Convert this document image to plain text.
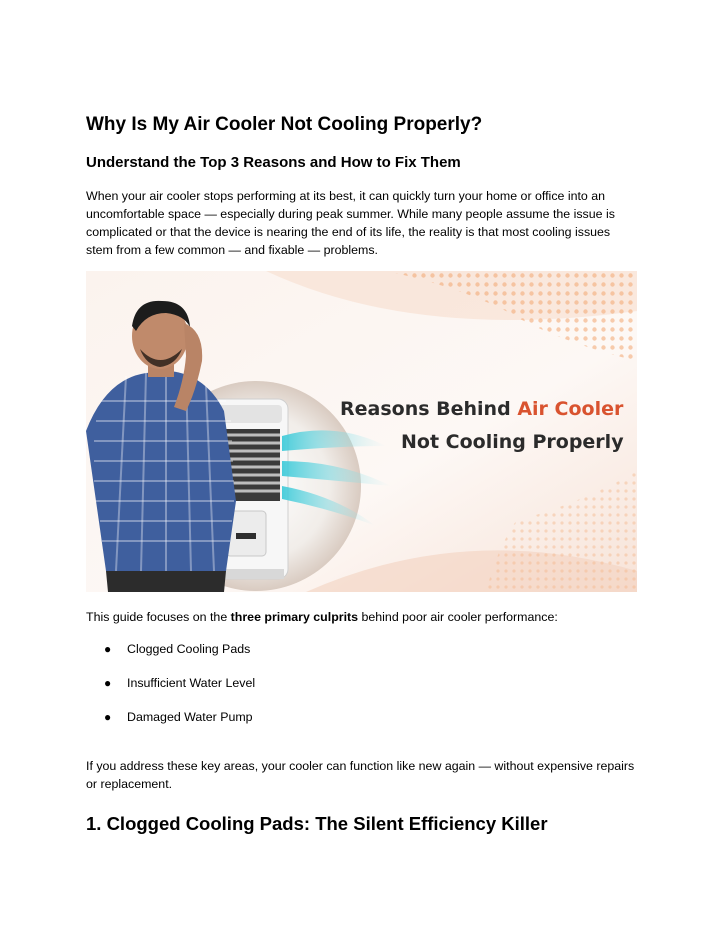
Why Is My Air Cooler Not Cooling Properly?
Understand the Top 3 Reasons and How to Fix Them

When your air cooler stops performing at its best, it can quickly turn your home or office into an uncomfortable space — especially during peak summer. While many people assume the issue is complicated or that the device is nearing the end of its life, the reality is that most cooling issues stem from a few common — and fixable — problems.

Reasons Behind Air Cooler
Not Cooling Properly

This guide focuses on the three primary culprits behind poor air cooler performance:

● Clogged Cooling Pads
● Insufficient Water Level
● Damaged Water Pump

If you address these key areas, your cooler can function like new again — without expensive repairs or replacement.

1. Clogged Cooling Pads: The Silent Efficiency Killer
